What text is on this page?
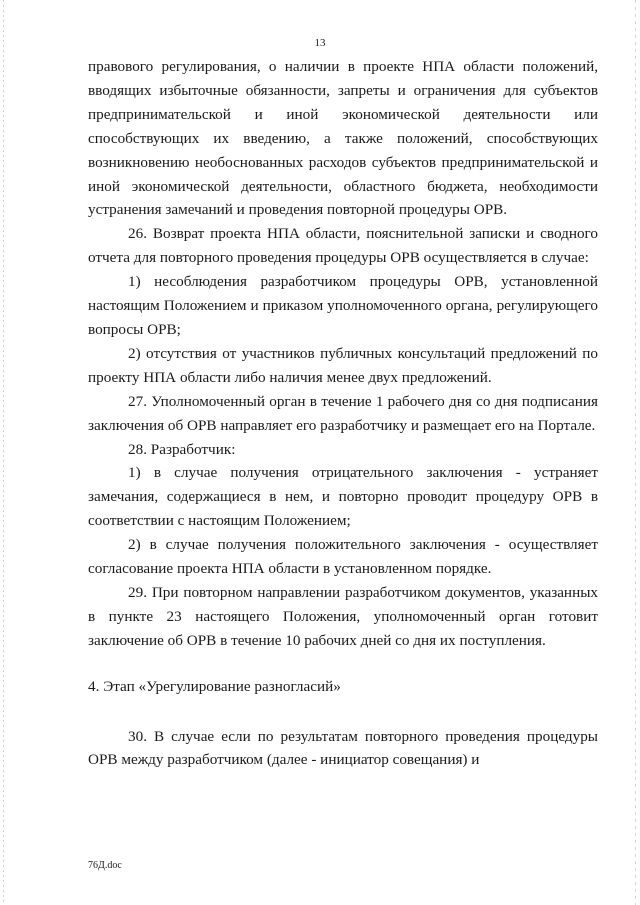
13

правового регулирования, о наличии в проекте НПА области положений, вводящих избыточные обязанности, запреты и ограничения для субъектов предпринимательской и иной экономической деятельности или способствующих их введению, а также положений, способствующих возникновению необоснованных расходов субъектов предпринимательской и иной экономической деятельности, областного бюджета, необходимости устранения замечаний и проведения повторной процедуры ОРВ.

26. Возврат проекта НПА области, пояснительной записки и сводного отчета для повторного проведения процедуры ОРВ осуществляется в случае:

1) несоблюдения разработчиком процедуры ОРВ, установленной настоящим Положением и приказом уполномоченного органа, регулирующего вопросы ОРВ;

2) отсутствия от участников публичных консультаций предложений по проекту НПА области либо наличия менее двух предложений.

27. Уполномоченный орган в течение 1 рабочего дня со дня подписания заключения об ОРВ направляет его разработчику и размещает его на Портале.

28. Разработчик:

1) в случае получения отрицательного заключения - устраняет замечания, содержащиеся в нем, и повторно проводит процедуру ОРВ в соответствии с настоящим Положением;

2) в случае получения положительного заключения - осуществляет согласование проекта НПА области в установленном порядке.

29. При повторном направлении разработчиком документов, указанных в пункте 23 настоящего Положения, уполномоченный орган готовит заключение об ОРВ в течение 10 рабочих дней со дня их поступления.

4. Этап «Урегулирование разногласий»

30. В случае если по результатам повторного проведения процедуры ОРВ между разработчиком (далее - инициатор совещания) и

76Д.doc
